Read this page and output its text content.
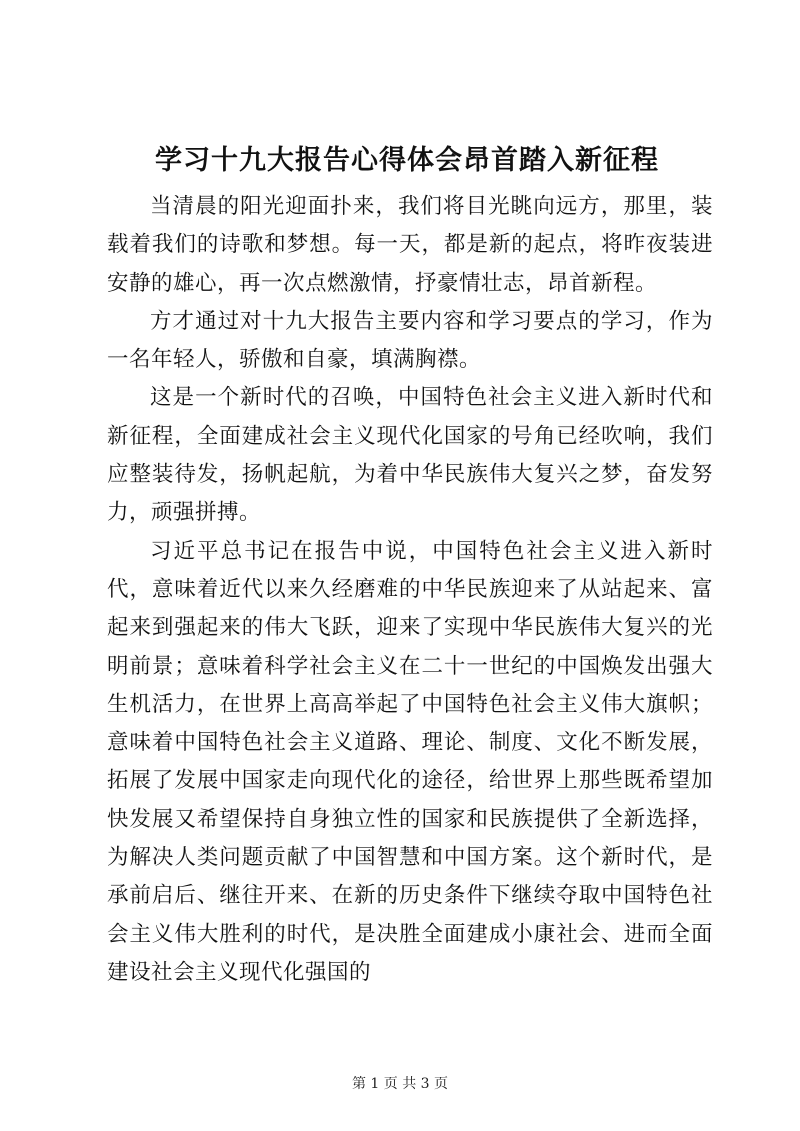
学习十九大报告心得体会昂首踏入新征程

当清晨的阳光迎面扑来，我们将目光眺向远方，那里，装载着我们的诗歌和梦想。每一天，都是新的起点，将昨夜装进安静的雄心，再一次点燃激情，抒豪情壮志，昂首新程。

方才通过对十九大报告主要内容和学习要点的学习，作为一名年轻人，骄傲和自豪，填满胸襟。

这是一个新时代的召唤，中国特色社会主义进入新时代和新征程，全面建成社会主义现代化国家的号角已经吹响，我们应整装待发，扬帆起航，为着中华民族伟大复兴之梦，奋发努力，顽强拼搏。

习近平总书记在报告中说，中国特色社会主义进入新时代，意味着近代以来久经磨难的中华民族迎来了从站起来、富起来到强起来的伟大飞跃，迎来了实现中华民族伟大复兴的光明前景；意味着科学社会主义在二十一世纪的中国焕发出强大生机活力，在世界上高高举起了中国特色社会主义伟大旗帜；意味着中国特色社会主义道路、理论、制度、文化不断发展，拓展了发展中国家走向现代化的途径，给世界上那些既希望加快发展又希望保持自身独立性的国家和民族提供了全新选择，为解决人类问题贡献了中国智慧和中国方案。这个新时代，是承前启后、继往开来、在新的历史条件下继续夺取中国特色社会主义伟大胜利的时代，是决胜全面建成小康社会、进而全面建设社会主义现代化强国的

第 1 页 共 3 页
